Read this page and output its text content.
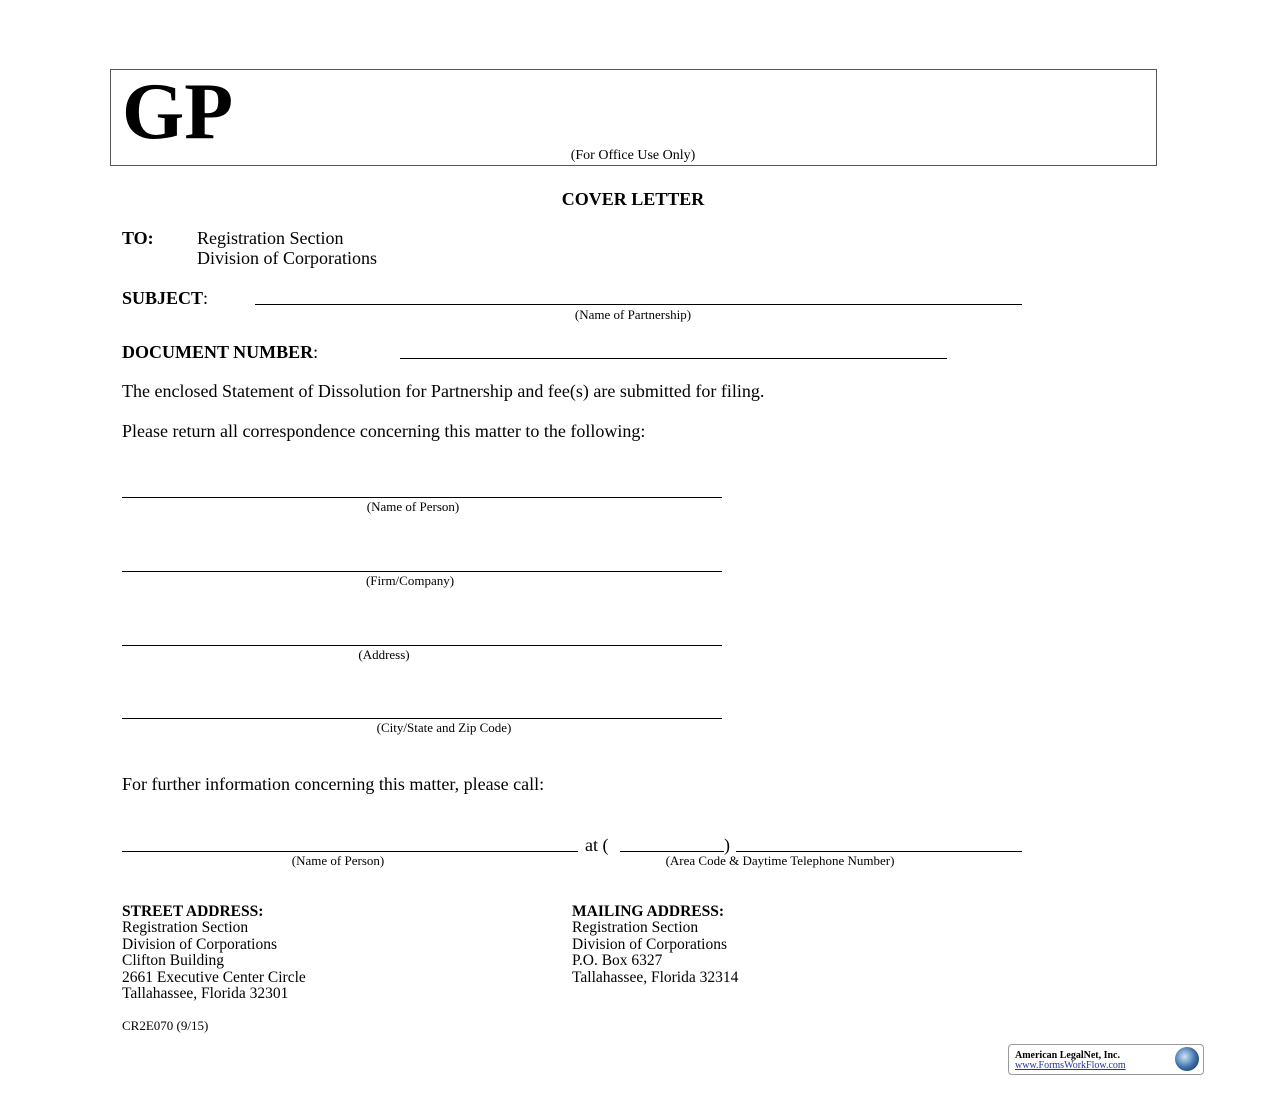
GP	(For Office Use Only)
COVER LETTER
TO: Registration Section
Division of Corporations
SUBJECT:
(Name of Partnership)
DOCUMENT NUMBER:
The enclosed Statement of Dissolution for Partnership and fee(s) are submitted for filing.
Please return all correspondence concerning this matter to the following:
(Name of Person)
(Firm/Company)
(Address)
(City/State and Zip Code)
For further information concerning this matter, please call:
at (	)
(Name of Person)	(Area Code & Daytime Telephone Number)
STREET ADDRESS:
Registration Section
Division of Corporations
Clifton Building
2661 Executive Center Circle
Tallahassee, Florida 32301
MAILING ADDRESS:
Registration Section
Division of Corporations
P.O. Box 6327
Tallahassee, Florida 32314
CR2E070 (9/15)
American LegalNet, Inc.
www.FormsWorkFlow.com
